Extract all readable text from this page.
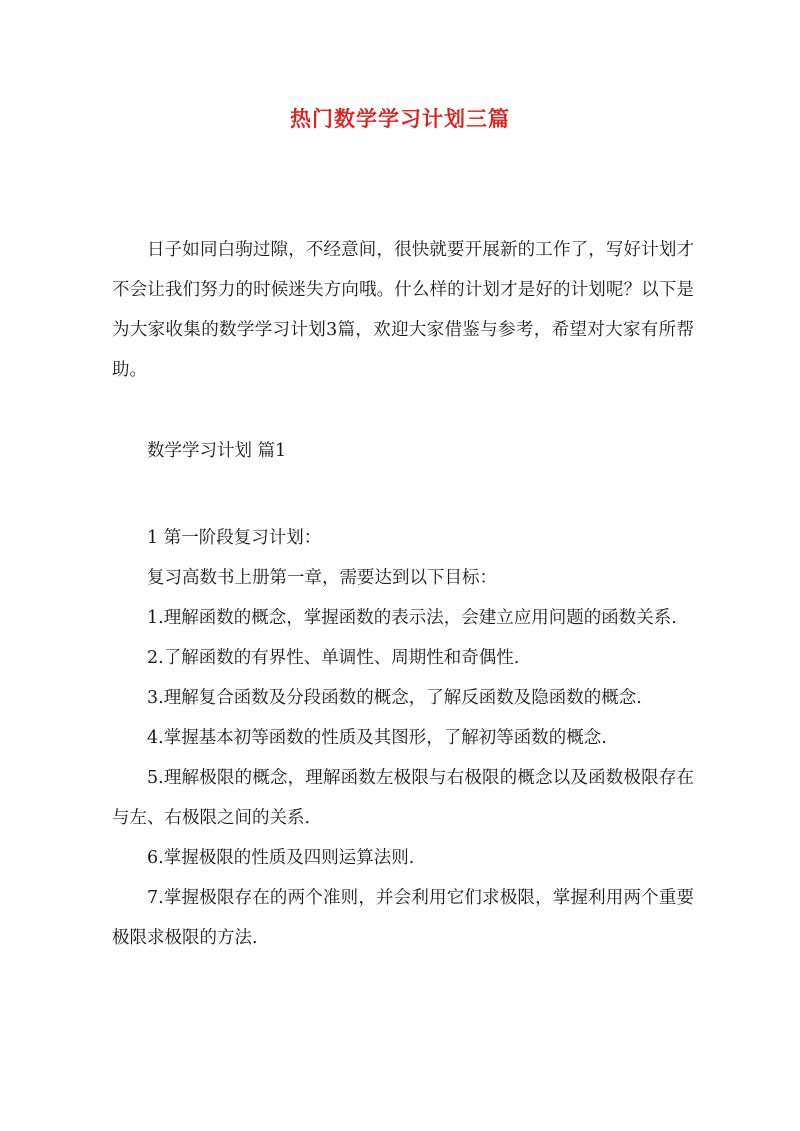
热门数学学习计划三篇

日子如同白驹过隙，不经意间，很快就要开展新的工作了，写好计划才不会让我们努力的时候迷失方向哦。什么样的计划才是好的计划呢？以下是为大家收集的数学学习计划3篇，欢迎大家借鉴与参考，希望对大家有所帮助。

数学学习计划 篇1

1 第一阶段复习计划：

复习高数书上册第一章，需要达到以下目标：

1.理解函数的概念，掌握函数的表示法，会建立应用问题的函数关系.

2.了解函数的有界性、单调性、周期性和奇偶性.

3.理解复合函数及分段函数的概念，了解反函数及隐函数的概念.

4.掌握基本初等函数的性质及其图形，了解初等函数的概念.

5.理解极限的概念，理解函数左极限与右极限的概念以及函数极限存在与左、右极限之间的关系.

6.掌握极限的性质及四则运算法则.

7.掌握极限存在的两个准则，并会利用它们求极限，掌握利用两个重要极限求极限的方法.
